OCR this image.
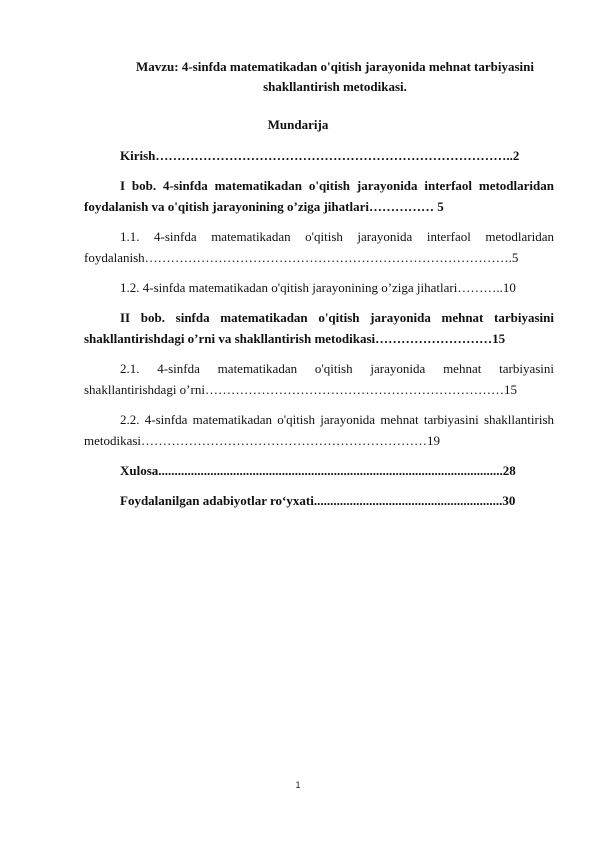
Mavzu: 4-sinfda matematikadan o'qitish jarayonida mehnat tarbiyasini
shakllantirish metodikasi.
Mundarija
Kirish………………………………………………………………………..2
I bob. 4-sinfda matematikadan o'qitish jarayonida interfaol metodlaridan foydalanish va o'qitish jarayonining o’ziga jihatlari…………… 5
1.1. 4-sinfda matematikadan o'qitish jarayonida interfaol metodlaridan foydalanish………………………………………………………………………….5
1.2. 4-sinfda matematikadan o'qitish jarayonining o’ziga jihatlari………..10
II bob. sinfda matematikadan o'qitish jarayonida mehnat tarbiyasini shakllantirishdagi o’rni va shakllantirish metodikasi………………………15
2.1. 4-sinfda matematikadan o'qitish jarayonida mehnat tarbiyasini shakllantirishdagi o’rni……………………………………………………………15
2.2. 4-sinfda matematikadan o'qitish jarayonida mehnat tarbiyasini shakllantirish metodikasi…………………………………………………………19
Xulosa..........................................................................................................28
Foydalanilgan adabiyotlar ro‘yxati..........................................................30
1
